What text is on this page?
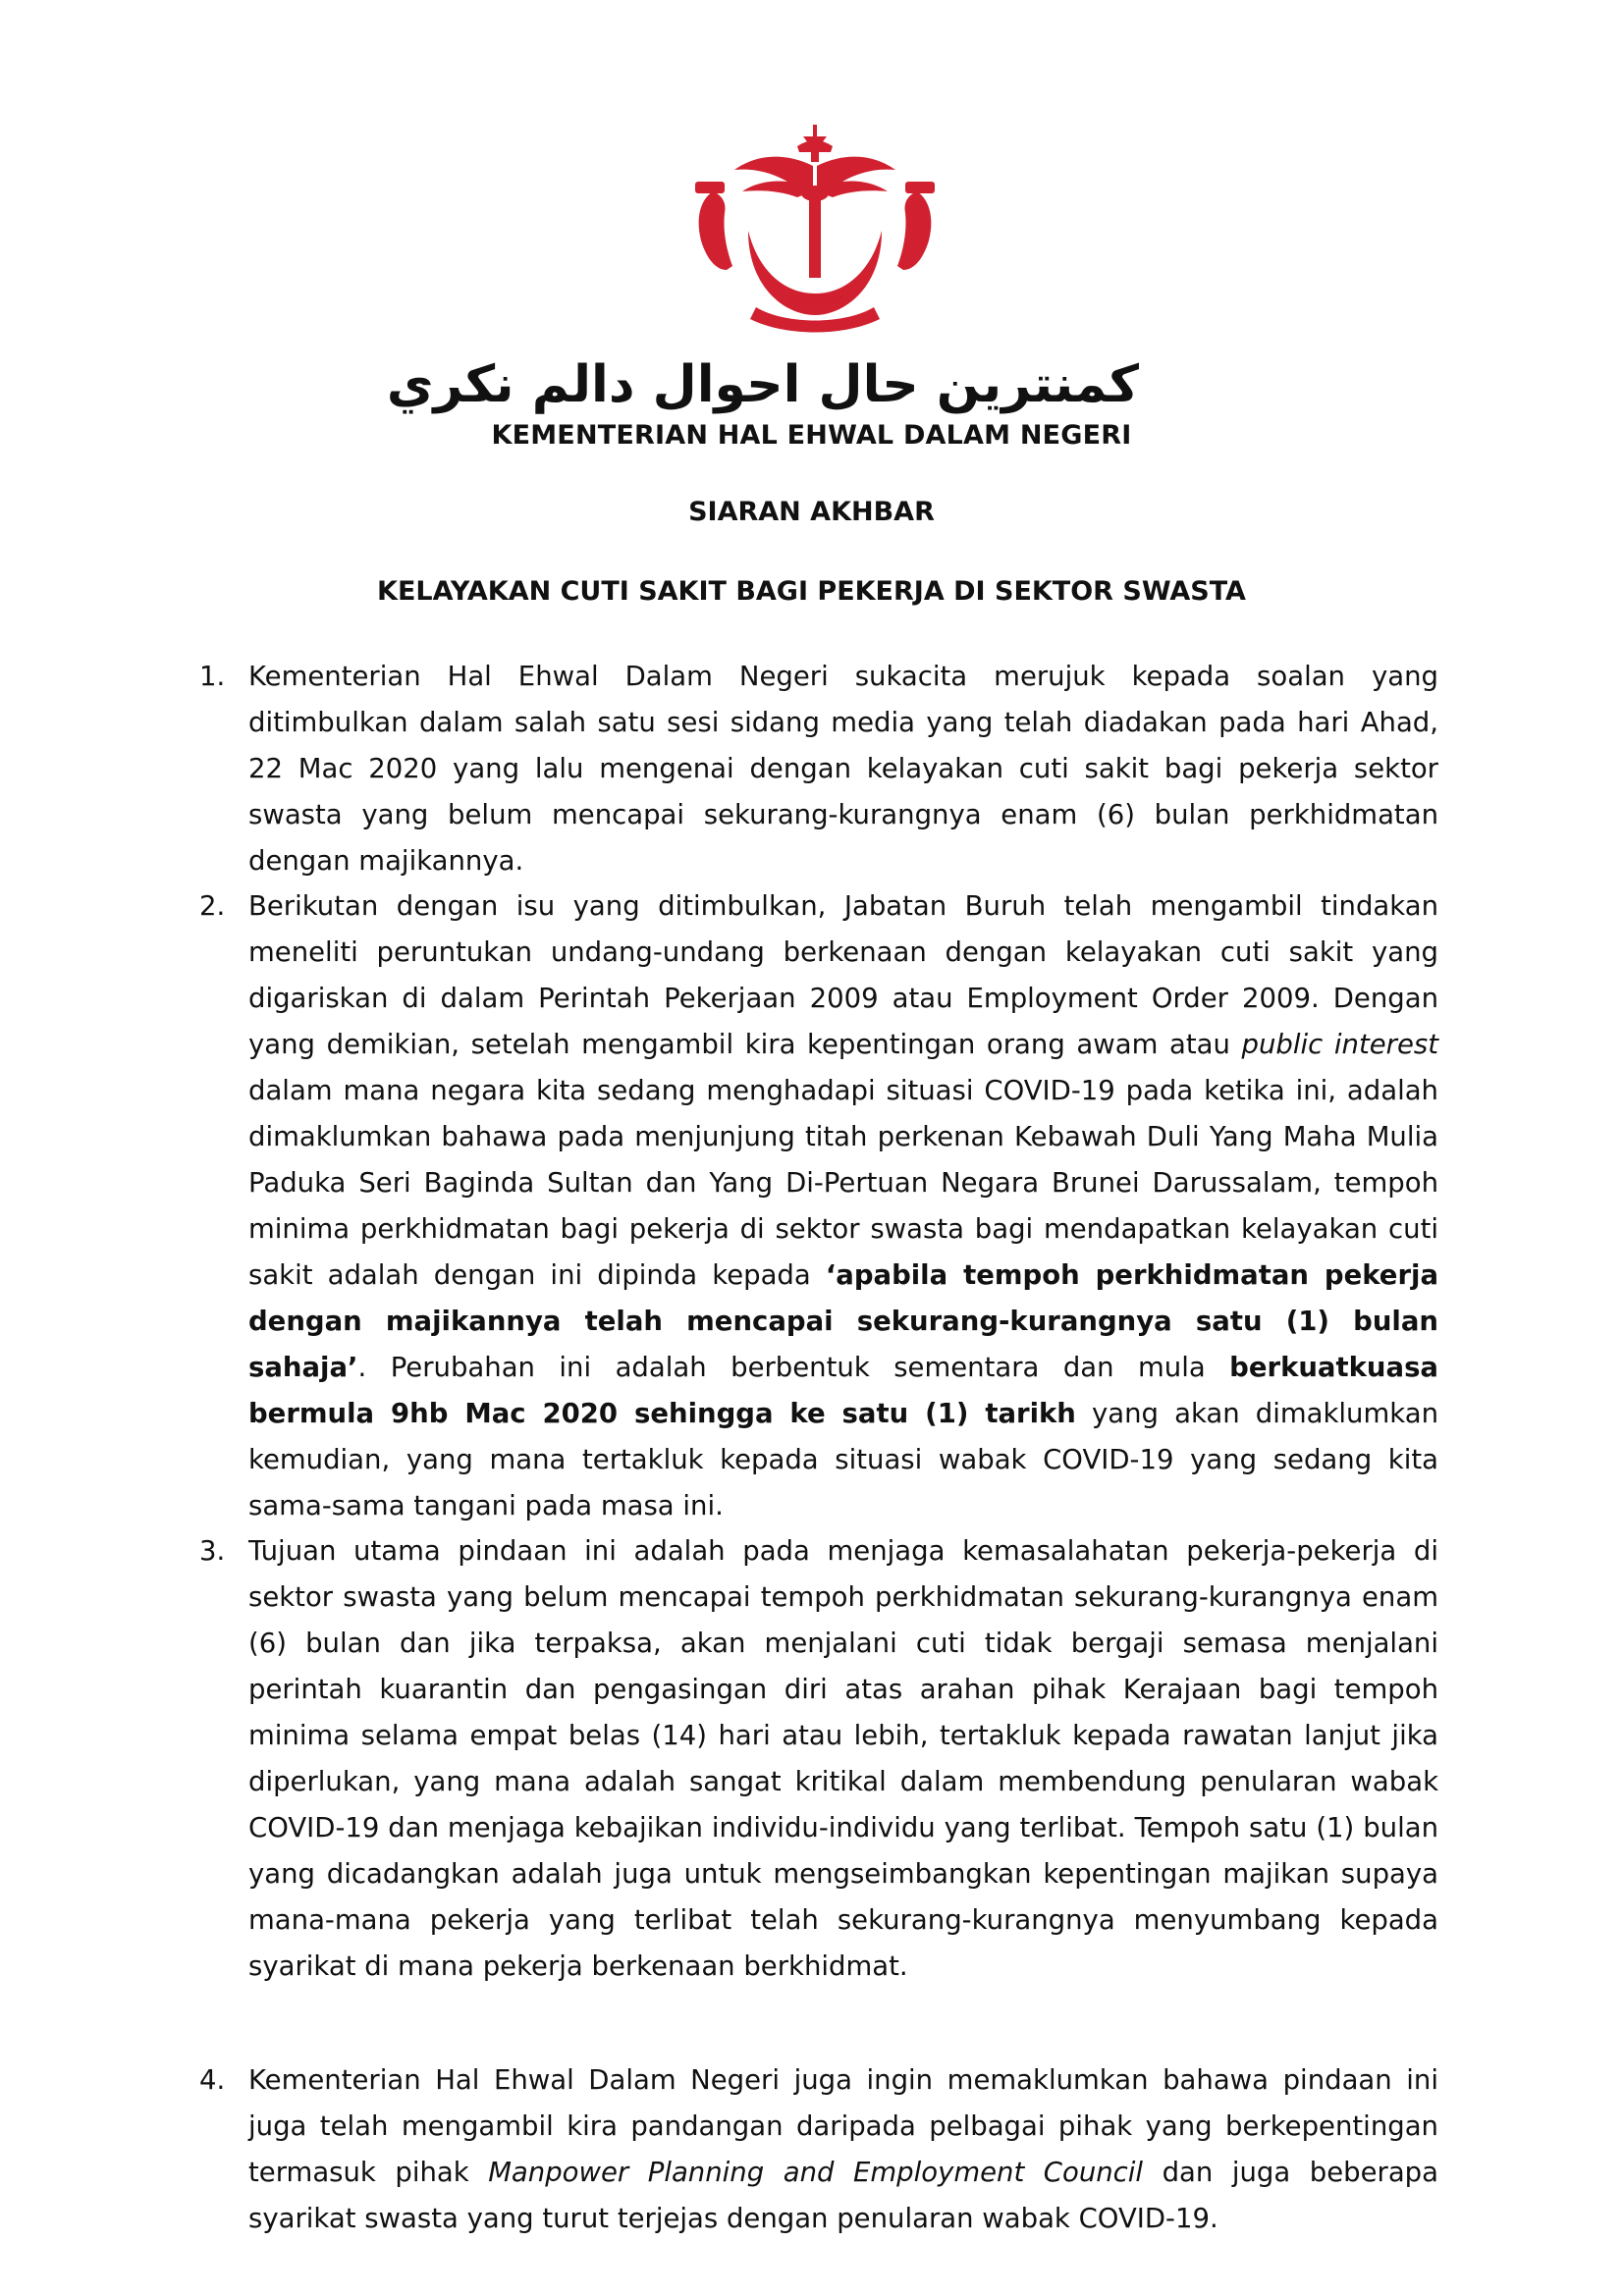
كمنترين حال احوال دالم نكري
KEMENTERIAN HAL EHWAL DALAM NEGERI
SIARAN AKHBAR
KELAYAKAN CUTI SAKIT BAGI PEKERJA DI SEKTOR SWASTA
1. Kementerian Hal Ehwal Dalam Negeri sukacita merujuk kepada soalan yang ditimbulkan dalam salah satu sesi sidang media yang telah diadakan pada hari Ahad, 22 Mac 2020 yang lalu mengenai dengan kelayakan cuti sakit bagi pekerja sektor swasta yang belum mencapai sekurang-kurangnya enam (6) bulan perkhidmatan dengan majikannya.
2. Berikutan dengan isu yang ditimbulkan, Jabatan Buruh telah mengambil tindakan meneliti peruntukan undang-undang berkenaan dengan kelayakan cuti sakit yang digariskan di dalam Perintah Pekerjaan 2009 atau Employment Order 2009. Dengan yang demikian, setelah mengambil kira kepentingan orang awam atau public interest dalam mana negara kita sedang menghadapi situasi COVID-19 pada ketika ini, adalah dimaklumkan bahawa pada menjunjung titah perkenan Kebawah Duli Yang Maha Mulia Paduka Seri Baginda Sultan dan Yang Di-Pertuan Negara Brunei Darussalam, tempoh minima perkhidmatan bagi pekerja di sektor swasta bagi mendapatkan kelayakan cuti sakit adalah dengan ini dipinda kepada ‘apabila tempoh perkhidmatan pekerja dengan majikannya telah mencapai sekurang-kurangnya satu (1) bulan sahaja’. Perubahan ini adalah berbentuk sementara dan mula berkuatkuasa bermula 9hb Mac 2020 sehingga ke satu (1) tarikh yang akan dimaklumkan kemudian, yang mana tertakluk kepada situasi wabak COVID-19 yang sedang kita sama-sama tangani pada masa ini.
3. Tujuan utama pindaan ini adalah pada menjaga kemasalahatan pekerja-pekerja di sektor swasta yang belum mencapai tempoh perkhidmatan sekurang-kurangnya enam (6) bulan dan jika terpaksa, akan menjalani cuti tidak bergaji semasa menjalani perintah kuarantin dan pengasingan diri atas arahan pihak Kerajaan bagi tempoh minima selama empat belas (14) hari atau lebih, tertakluk kepada rawatan lanjut jika diperlukan, yang mana adalah sangat kritikal dalam membendung penularan wabak COVID-19 dan menjaga kebajikan individu-individu yang terlibat. Tempoh satu (1) bulan yang dicadangkan adalah juga untuk mengseimbangkan kepentingan majikan supaya mana-mana pekerja yang terlibat telah sekurang-kurangnya menyumbang kepada syarikat di mana pekerja berkenaan berkhidmat.
4. Kementerian Hal Ehwal Dalam Negeri juga ingin memaklumkan bahawa pindaan ini juga telah mengambil kira pandangan daripada pelbagai pihak yang berkepentingan termasuk pihak Manpower Planning and Employment Council dan juga beberapa syarikat swasta yang turut terjejas dengan penularan wabak COVID-19.
